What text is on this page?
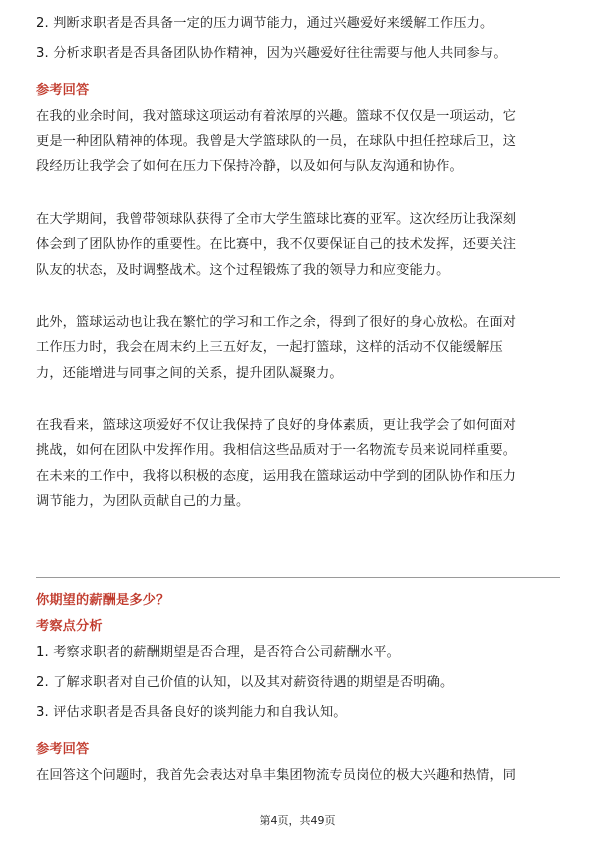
2. 判断求职者是否具备一定的压力调节能力，通过兴趣爱好来缓解工作压力。
3. 分析求职者是否具备团队协作精神，因为兴趣爱好往往需要与他人共同参与。
参考回答
在我的业余时间，我对篮球这项运动有着浓厚的兴趣。篮球不仅仅是一项运动，它
更是一种团队精神的体现。我曾是大学篮球队的一员，在球队中担任控球后卫，这
段经历让我学会了如何在压力下保持冷静，以及如何与队友沟通和协作。
在大学期间，我曾带领球队获得了全市大学生篮球比赛的亚军。这次经历让我深刻
体会到了团队协作的重要性。在比赛中，我不仅要保证自己的技术发挥，还要关注
队友的状态，及时调整战术。这个过程锻炼了我的领导力和应变能力。
此外，篮球运动也让我在繁忙的学习和工作之余，得到了很好的身心放松。在面对
工作压力时，我会在周末约上三五好友，一起打篮球，这样的活动不仅能缓解压
力，还能增进与同事之间的关系，提升团队凝聚力。
在我看来，篮球这项爱好不仅让我保持了良好的身体素质，更让我学会了如何面对
挑战，如何在团队中发挥作用。我相信这些品质对于一名物流专员来说同样重要。
在未来的工作中，我将以积极的态度，运用我在篮球运动中学到的团队协作和压力
调节能力，为团队贡献自己的力量。
你期望的薪酬是多少？
考察点分析
1. 考察求职者的薪酬期望是否合理，是否符合公司薪酬水平。
2. 了解求职者对自己价值的认知，以及其对薪资待遇的期望是否明确。
3. 评估求职者是否具备良好的谈判能力和自我认知。
参考回答
在回答这个问题时，我首先会表达对阜丰集团物流专员岗位的极大兴趣和热情，同
第4页，共49页
